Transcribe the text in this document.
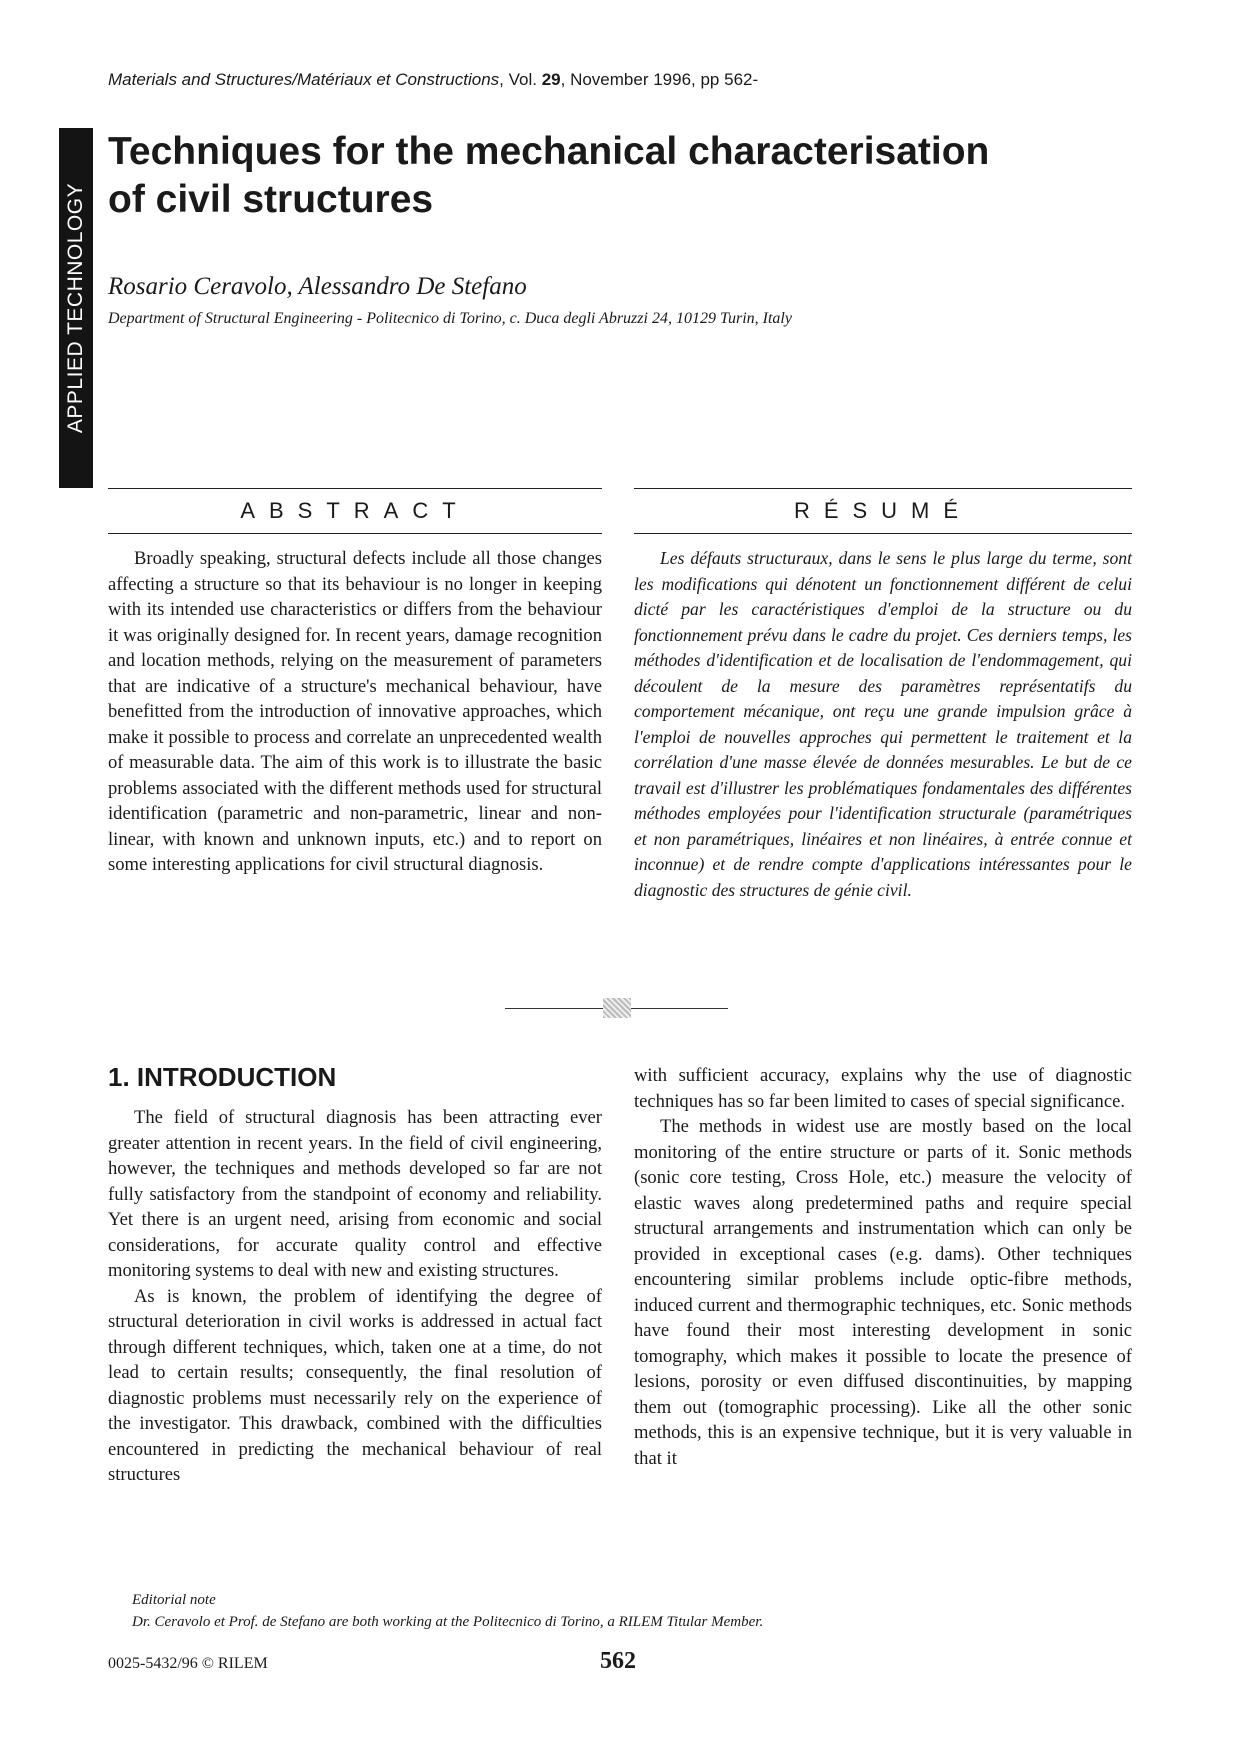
Materials and Structures/Matériaux et Constructions, Vol. 29, November 1996, pp 562-
APPLIED TECHNOLOGY
Techniques for the mechanical characterisation
of civil structures
Rosario Ceravolo, Alessandro De Stefano
Department of Structural Engineering - Politecnico di Torino, c. Duca degli Abruzzi 24, 10129 Turin, Italy
ABSTRACT	RÉSUMÉ

Broadly speaking, structural defects include all those changes affecting a structure so that its behaviour is no longer in keeping with its intended use characteristics or differs from the behaviour it was originally designed for. In recent years, damage recognition and location methods, relying on the measurement of parameters that are indicative of a structure's mechanical behaviour, have benefitted from the introduction of innovative approaches, which make it possible to process and correlate an unprecedented wealth of measurable data. The aim of this work is to illustrate the basic problems associated with the different methods used for structural identification (parametric and non-parametric, linear and non-linear, with known and unknown inputs, etc.) and to report on some interesting applications for civil structural diagnosis.

Les défauts structuraux, dans le sens le plus large du terme, sont les modifications qui dénotent un fonctionnement différent de celui dicté par les caractéristiques d'emploi de la structure ou du fonctionnement prévu dans le cadre du projet. Ces derniers temps, les méthodes d'identification et de localisation de l'endommagement, qui découlent de la mesure des paramètres représentatifs du comportement mécanique, ont reçu une grande impulsion grâce à l'emploi de nouvelles approches qui permettent le traitement et la corrélation d'une masse élevée de données mesurables. Le but de ce travail est d'illustrer les problématiques fondamentales des différentes méthodes employées pour l'identification structurale (paramétriques et non paramétriques, linéaires et non linéaires, à entrée connue et inconnue) et de rendre compte d'applications intéressantes pour le diagnostic des structures de génie civil.

1. INTRODUCTION

The field of structural diagnosis has been attracting ever greater attention in recent years. In the field of civil engineering, however, the techniques and methods developed so far are not fully satisfactory from the standpoint of economy and reliability. Yet there is an urgent need, arising from economic and social considerations, for accurate quality control and effective monitoring systems to deal with new and existing structures.

As is known, the problem of identifying the degree of structural deterioration in civil works is addressed in actual fact through different techniques, which, taken one at a time, do not lead to certain results; consequently, the final resolution of diagnostic problems must necessarily rely on the experience of the investigator. This drawback, combined with the difficulties encountered in predicting the mechanical behaviour of real structures

with sufficient accuracy, explains why the use of diagnostic techniques has so far been limited to cases of special significance.

The methods in widest use are mostly based on the local monitoring of the entire structure or parts of it. Sonic methods (sonic core testing, Cross Hole, etc.) measure the velocity of elastic waves along predetermined paths and require special structural arrangements and instrumentation which can only be provided in exceptional cases (e.g. dams). Other techniques encountering similar problems include optic-fibre methods, induced current and thermographic techniques, etc. Sonic methods have found their most interesting development in sonic tomography, which makes it possible to locate the presence of lesions, porosity or even diffused discontinuities, by mapping them out (tomographic processing). Like all the other sonic methods, this is an expensive technique, but it is very valuable in that it

Editorial note
Dr. Ceravolo et Prof. de Stefano are both working at the Politecnico di Torino, a RILEM Titular Member.
0025-5432/96 © RILEM	562
